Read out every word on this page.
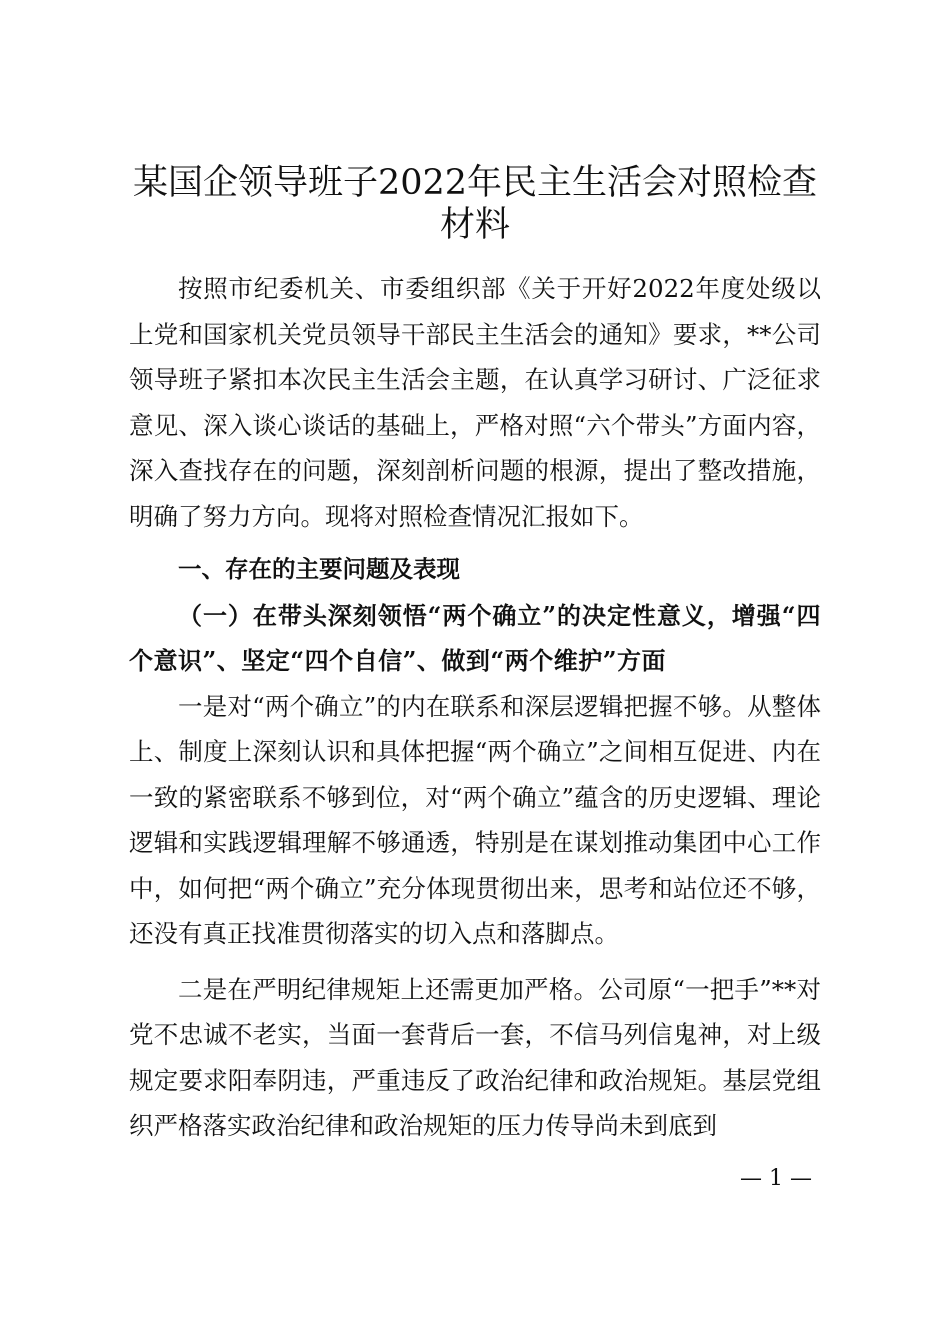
某国企领导班子2022年民主生活会对照检查材料

按照市纪委机关、市委组织部《关于开好2022年度处级以上党和国家机关党员领导干部民主生活会的通知》要求，**公司领导班子紧扣本次民主生活会主题，在认真学习研讨、广泛征求意见、深入谈心谈话的基础上，严格对照“六个带头”方面内容，深入查找存在的问题，深刻剖析问题的根源，提出了整改措施，明确了努力方向。现将对照检查情况汇报如下。

一、存在的主要问题及表现

（一）在带头深刻领悟“两个确立”的决定性意义，增强“四个意识”、坚定“四个自信”、做到“两个维护”方面

一是对“两个确立”的内在联系和深层逻辑把握不够。从整体上、制度上深刻认识和具体把握“两个确立”之间相互促进、内在一致的紧密联系不够到位，对“两个确立”蕴含的历史逻辑、理论逻辑和实践逻辑理解不够通透，特别是在谋划推动集团中心工作中，如何把“两个确立”充分体现贯彻出来，思考和站位还不够，还没有真正找准贯彻落实的切入点和落脚点。

二是在严明纪律规矩上还需更加严格。公司原“一把手”**对党不忠诚不老实，当面一套背后一套，不信马列信鬼神，对上级规定要求阳奉阴违，严重违反了政治纪律和政治规矩。基层党组织严格落实政治纪律和政治规矩的压力传导尚未到底到

— 1 —
